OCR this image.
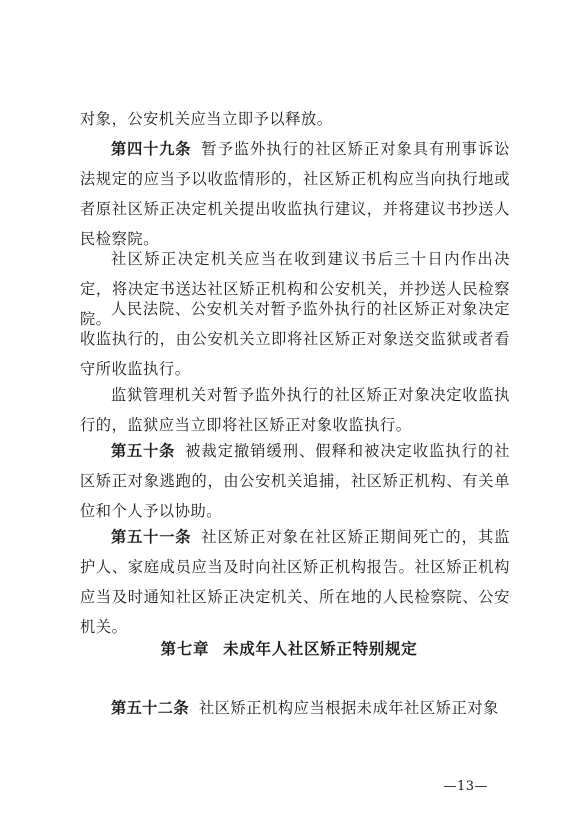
对象，公安机关应当立即予以释放。

第四十九条 暂予监外执行的社区矫正对象具有刑事诉讼法规定的应当予以收监情形的，社区矫正机构应当向执行地或者原社区矫正决定机关提出收监执行建议，并将建议书抄送人民检察院。

社区矫正决定机关应当在收到建议书后三十日内作出决定，将决定书送达社区矫正机构和公安机关，并抄送人民检察院。

人民法院、公安机关对暂予监外执行的社区矫正对象决定收监执行的，由公安机关立即将社区矫正对象送交监狱或者看守所收监执行。

监狱管理机关对暂予监外执行的社区矫正对象决定收监执行的，监狱应当立即将社区矫正对象收监执行。

第五十条 被裁定撤销缓刑、假释和被决定收监执行的社区矫正对象逃跑的，由公安机关追捕，社区矫正机构、有关单位和个人予以协助。

第五十一条 社区矫正对象在社区矫正期间死亡的，其监护人、家庭成员应当及时向社区矫正机构报告。社区矫正机构应当及时通知社区矫正决定机关、所在地的人民检察院、公安机关。

第七章 未成年人社区矫正特别规定

第五十二条 社区矫正机构应当根据未成年社区矫正对象

—13—
